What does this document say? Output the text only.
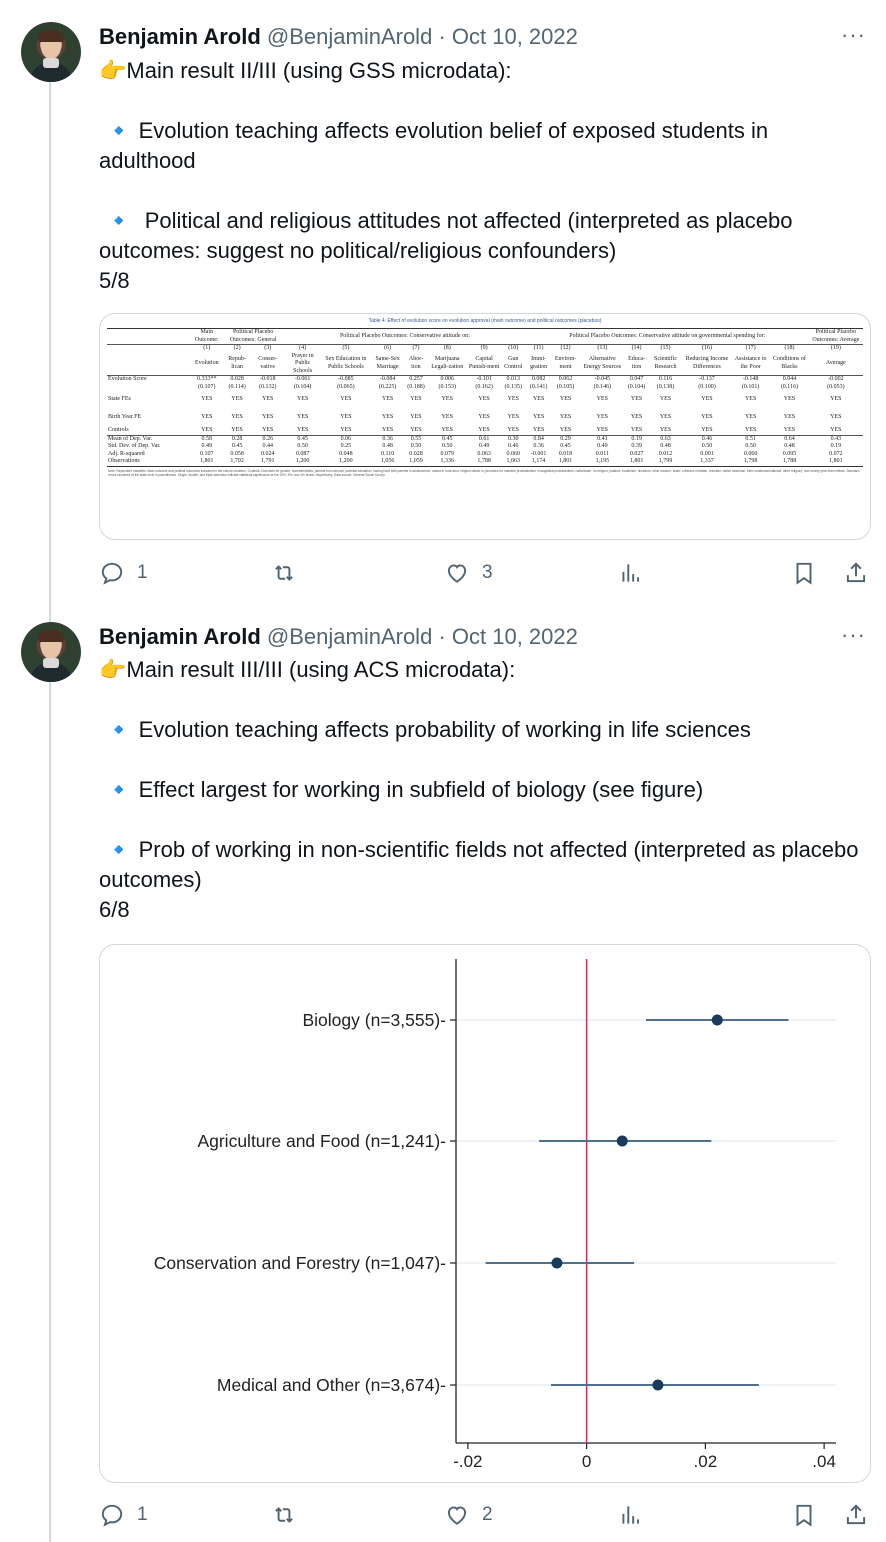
Benjamin Arold @BenjaminArold · Oct 10, 2022	···
👉Main result II/III (using GSS microdata):

🔹 Evolution teaching affects evolution belief of exposed students in adulthood

🔹  Political and religious attitudes not affected (interpreted as placebo outcomes: suggest no political/religious confounders)
5/8
Table 4: Effect of evolution score on evolution approval (main outcome) and political outcomes (placebos)
	Main Outcome:	Political Placebo Outcomes: General		Political Placebo Outcomes: Conservative attitude on:							Political Placebo Outcomes: Conservative attitude on governmental spending for:								Political Placebo Outcomes: Average
	(1)	(2)	(3)	(4)	(5)	(6)	(7)	(8)	(9)	(10)	(11)	(12)	(13)	(14)	(15)	(16)	(17)	(18)	(19)
	Evolution	Repub-lican	Conser-vative	Prayer in Public Schools	Sex Education in Public Schools	Same-Sex Marriage	Abor-tion	Marijuana Legali-zation	Capital Punish-ment	Gun Control	Immi-gration	Environ-ment	Alternative Energy Sources	Educa-tion	Scientific Research	Reducing Income Differences	Assistance to the Poor	Conditions of Blacks	Average
Evolution Score	0.333**	0.028	-0.018	-0.061	-0.085	-0.084	0.257	0.006	-0.101	0.013	0.082	0.062	-0.045	0.047	0.116	-0.137	-0.148	0.044	-0.002
	(0.107)	(0.114)	(0.132)	(0.104)	(0.065)	(0.225)	(0.188)	(0.153)	(0.162)	(0.135)	(0.141)	(0.105)	(0.146)	(0.104)	(0.138)	(0.100)	(0.101)	(0.116)	(0.053)
State FEs	YES	YES	YES	YES	YES	YES	YES	YES	YES	YES	YES	YES	YES	YES	YES	YES	YES	YES	YES
Birth Year FE	YES	YES	YES	YES	YES	YES	YES	YES	YES	YES	YES	YES	YES	YES	YES	YES	YES	YES	YES
Controls	YES	YES	YES	YES	YES	YES	YES	YES	YES	YES	YES	YES	YES	YES	YES	YES	YES	YES	YES
Mean of Dep. Var.	0.58	0.28	0.26	0.45	0.06	0.36	0.55	0.45	0.61	0.30	0.84	0.29	0.41	0.19	0.63	0.46	0.51	0.64	0.43
Std. Dev. of Dep. Var.	0.49	0.45	0.44	0.50	0.25	0.48	0.50	0.50	0.49	0.46	0.36	0.45	0.49	0.39	0.48	0.50	0.50	0.48	0.19
Adj. R-squared	0.107	0.058	0.024	0.087	0.048	0.110	0.028	0.079	0.063	0.060	-0.001	0.018	0.011	0.027	0.012	0.001	0.060	0.095	0.072
Observations	1,801	1,792	1,791	1,200	1,200	1,056	1,059	1,336	1,788	1,063	1,174	1,801	1,195	1,801	1,799	1,337	1,798	1,788	1,801
Note: Dependent variables: Main outcome and political outcomes indicated in the column headers. Controls: Dummies for gender, race/ethnicities, parents born abroad, parental education, having lived with parents in adolescence, raised in rural area, religion raised in (dummies for mainline protestantism, evangelical protestantism, catholicism, no religion, judaism, buddhism, hinduism, other eastern, islam, orthodox christian, christian, native american, inter-nondenominational, other religion), and survey year fixed effects. Standard errors clustered at the state level in parentheses. Single, double, and triple asterisks indicate statistical significance at the 10%, 5%, and 1% levels, respectively. Data source: General Social Survey.
1	3
Benjamin Arold @BenjaminArold · Oct 10, 2022	···
👉Main result III/III (using ACS microdata):

🔹 Evolution teaching affects probability of working in life sciences

🔹 Effect largest for working in subfield of biology (see figure)

🔹 Prob of working in non-scientific fields not affected (interpreted as placebo outcomes)
6/8
-.02	0	.02	.04
Biology (n=3,555)-
Agriculture and Food (n=1,241)-
Conservation and Forestry (n=1,047)-
Medical and Other (n=3,674)-
1	2
